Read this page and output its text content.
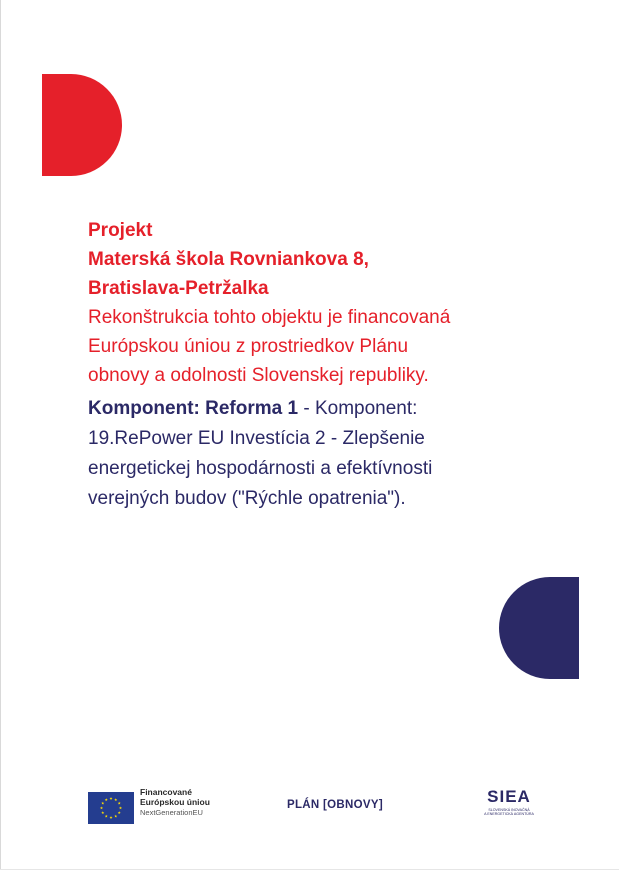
Projekt
Materská škola Rovniankova 8,
Bratislava-Petržalka
Rekonštrukcia tohto objektu je financovaná
Európskou úniou z prostriedkov Plánu
obnovy a odolnosti Slovenskej republiky.
Komponent: Reforma 1 - Komponent:
19.RePower EU Investícia 2 - Zlepšenie
energetickej hospodárnosti a efektívnosti
verejných budov ("Rýchle opatrenia").
Financované
Európskou úniou
NextGenerationEU
PLÁN [OBNOVY]	SIEA
SLOVENSKÁ INOVAČNÁ
A ENERGETICKÁ AGENTÚRA
